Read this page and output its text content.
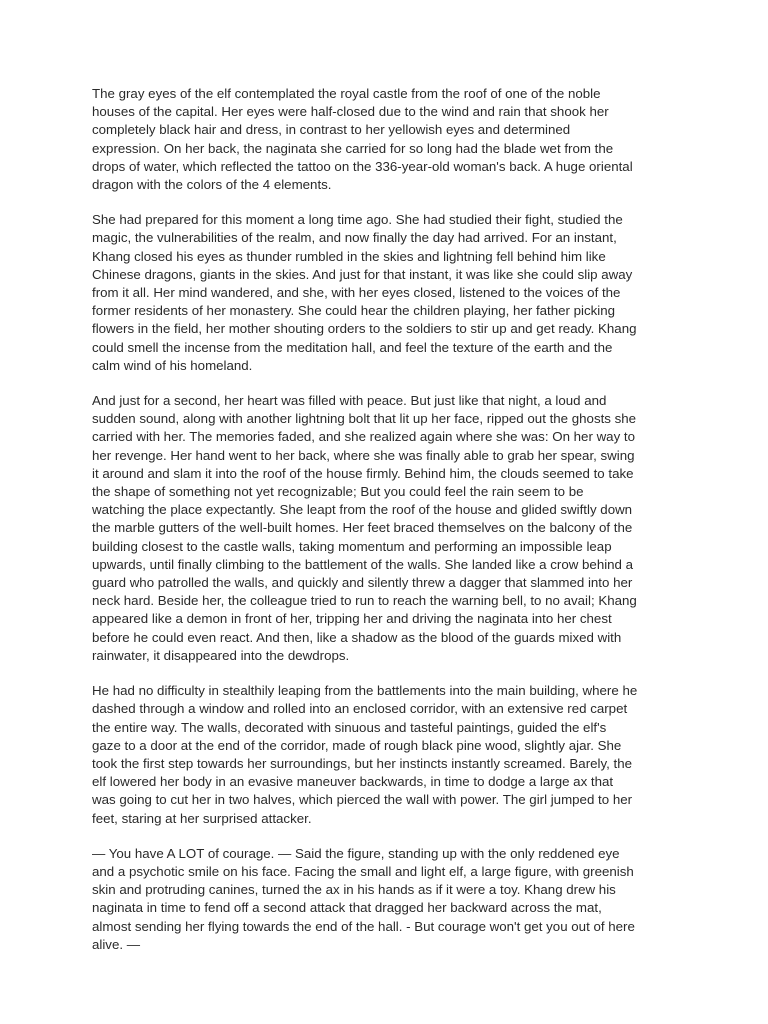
The gray eyes of the elf contemplated the royal castle from the roof of one of the noble
houses of the capital. Her eyes were half-closed due to the wind and rain that shook her
completely black hair and dress, in contrast to her yellowish eyes and determined
expression. On her back, the naginata she carried for so long had the blade wet from the
drops of water, which reflected the tattoo on the 336-year-old woman's back. A huge oriental
dragon with the colors of the 4 elements.

She had prepared for this moment a long time ago. She had studied their fight, studied the
magic, the vulnerabilities of the realm, and now finally the day had arrived. For an instant,
Khang closed his eyes as thunder rumbled in the skies and lightning fell behind him like
Chinese dragons, giants in the skies. And just for that instant, it was like she could slip away
from it all. Her mind wandered, and she, with her eyes closed, listened to the voices of the
former residents of her monastery. She could hear the children playing, her father picking
flowers in the field, her mother shouting orders to the soldiers to stir up and get ready. Khang
could smell the incense from the meditation hall, and feel the texture of the earth and the
calm wind of his homeland.

And just for a second, her heart was filled with peace. But just like that night, a loud and
sudden sound, along with another lightning bolt that lit up her face, ripped out the ghosts she
carried with her. The memories faded, and she realized again where she was: On her way to
her revenge. Her hand went to her back, where she was finally able to grab her spear, swing
it around and slam it into the roof of the house firmly. Behind him, the clouds seemed to take
the shape of something not yet recognizable; But you could feel the rain seem to be
watching the place expectantly. She leapt from the roof of the house and glided swiftly down
the marble gutters of the well-built homes. Her feet braced themselves on the balcony of the
building closest to the castle walls, taking momentum and performing an impossible leap
upwards, until finally climbing to the battlement of the walls. She landed like a crow behind a
guard who patrolled the walls, and quickly and silently threw a dagger that slammed into her
neck hard. Beside her, the colleague tried to run to reach the warning bell, to no avail; Khang
appeared like a demon in front of her, tripping her and driving the naginata into her chest
before he could even react. And then, like a shadow as the blood of the guards mixed with
rainwater, it disappeared into the dewdrops.

He had no difficulty in stealthily leaping from the battlements into the main building, where he
dashed through a window and rolled into an enclosed corridor, with an extensive red carpet
the entire way. The walls, decorated with sinuous and tasteful paintings, guided the elf's
gaze to a door at the end of the corridor, made of rough black pine wood, slightly ajar. She
took the first step towards her surroundings, but her instincts instantly screamed. Barely, the
elf lowered her body in an evasive maneuver backwards, in time to dodge a large ax that
was going to cut her in two halves, which pierced the wall with power. The girl jumped to her
feet, staring at her surprised attacker.

— You have A LOT of courage. — Said the figure, standing up with the only reddened eye
and a psychotic smile on his face. Facing the small and light elf, a large figure, with greenish
skin and protruding canines, turned the ax in his hands as if it were a toy. Khang drew his
naginata in time to fend off a second attack that dragged her backward across the mat,
almost sending her flying towards the end of the hall. - But courage won't get you out of here
alive. —
